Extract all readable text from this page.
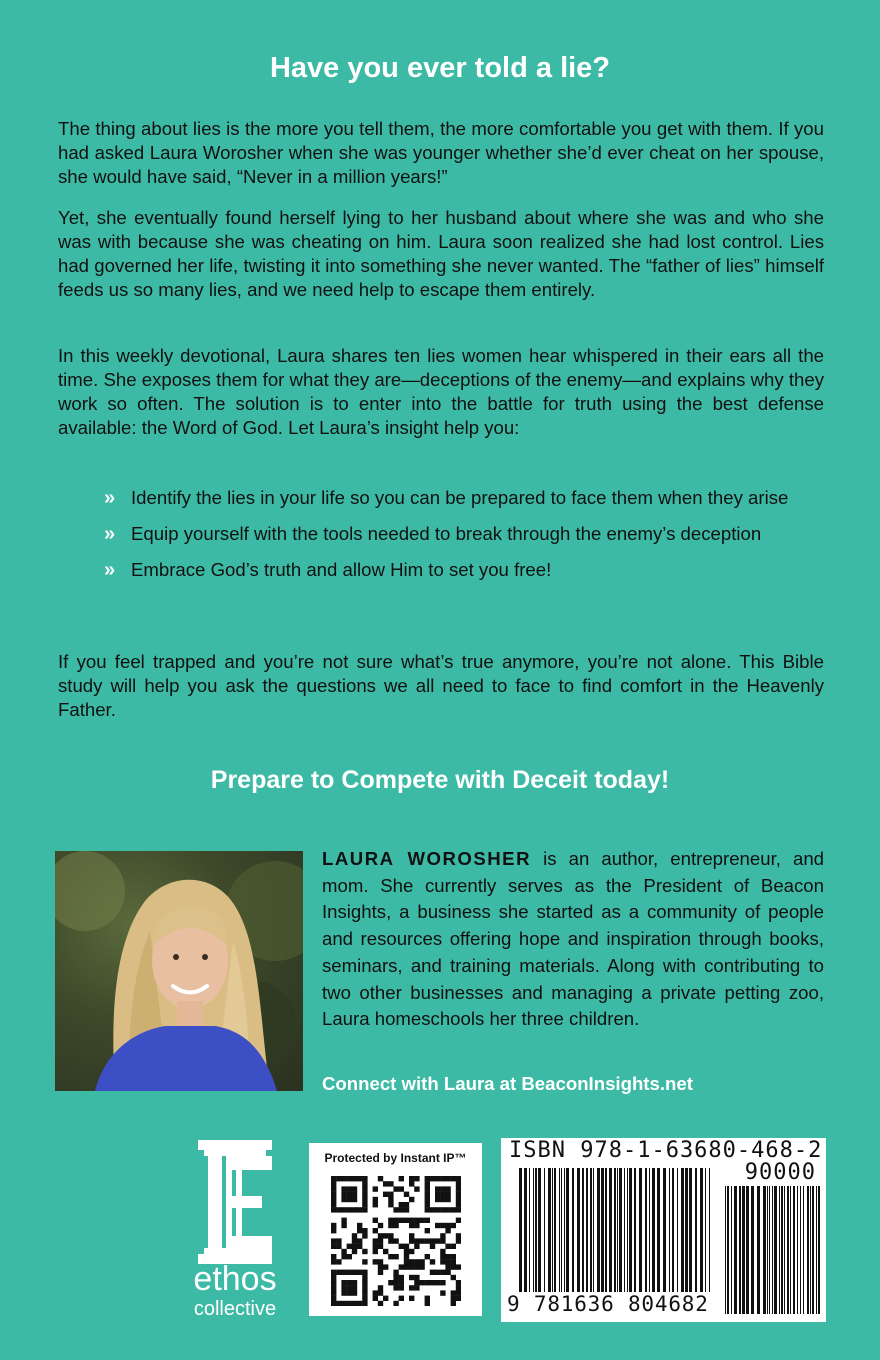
Have you ever told a lie?

The thing about lies is the more you tell them, the more comfortable you get with them. If you had asked Laura Worosher when she was younger whether she’d ever cheat on her spouse, she would have said, “Never in a million years!”

Yet, she eventually found herself lying to her husband about where she was and who she was with because she was cheating on him. Laura soon realized she had lost control. Lies had governed her life, twisting it into something she never wanted. The “father of lies” himself feeds us so many lies, and we need help to escape them entirely.

In this weekly devotional, Laura shares ten lies women hear whispered in their ears all the time. She exposes them for what they are—deceptions of the enemy—and explains why they work so often. The solution is to enter into the battle for truth using the best defense available: the Word of God. Let Laura’s insight help you:

» Identify the lies in your life so you can be prepared to face them when they arise
» Equip yourself with the tools needed to break through the enemy’s deception
» Embrace God’s truth and allow Him to set you free!

If you feel trapped and you’re not sure what’s true anymore, you’re not alone. This Bible study will help you ask the questions we all need to face to find comfort in the Heavenly Father.

Prepare to Compete with Deceit today!

LAURA WOROSHER is an author, entrepreneur, and mom. She currently serves as the President of Beacon Insights, a business she started as a community of people and resources offering hope and inspiration through books, seminars, and training materials. Along with contributing to two other businesses and managing a private petting zoo, Laura homeschools her three children.

Connect with Laura at BeaconInsights.net
ethos
collective
Protected by Instant IP™	ISBN 978-1-63680-468-2
90000
9 781636 804682
